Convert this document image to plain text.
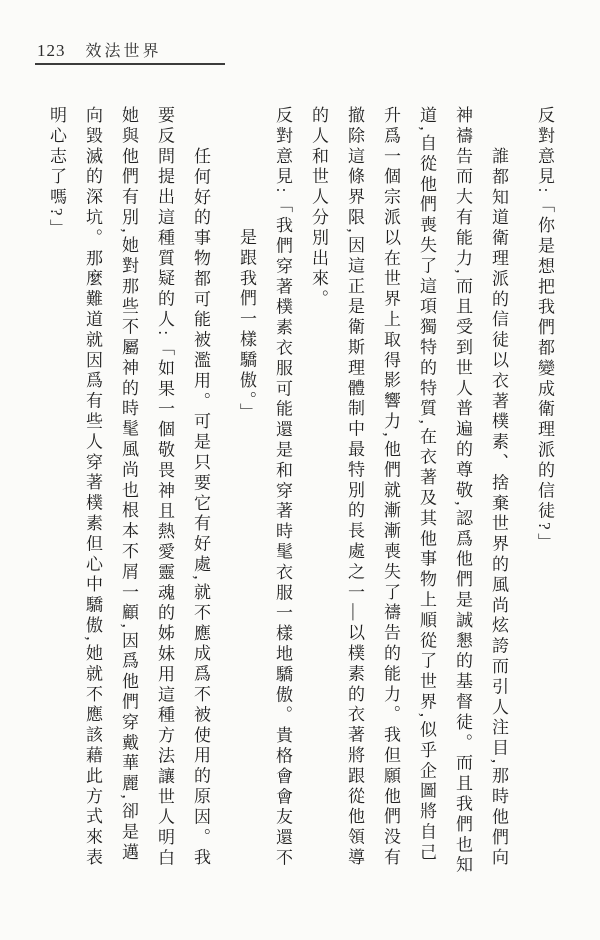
123 效法世界

反對意見:「你是想把我們都變成衛理派的信徒?」

誰都知道衛理派的信徒以衣著樸素、捨棄世界的風尚炫誇而引人注目,那時他們向神禱告而大有能力,而且受到世人普遍的尊敬,認爲他們是誠懇的基督徒。而且我們也知道,自從他們喪失了這項獨特的特質,在衣著及其他事物上順從了世界,似乎企圖將自己升爲一個宗派以在世界上取得影響力,他們就漸漸喪失了禱告的能力。我但願他們没有撤除這條界限,因這正是衛斯理體制中最特別的長處之一—以樸素的衣著將跟從他領導的人和世人分別出來。

反對意見:「我們穿著樸素衣服可能還是和穿著時髦衣服一樣地驕傲。貴格會會友還不是跟我們一樣驕傲。」

任何好的事物都可能被濫用。可是只要它有好處,就不應成爲不被使用的原因。我要反問提出這種質疑的人:「如果一個敬畏神且熱愛靈魂的姊妹用這種方法讓世人明白她與他們有別,她對那些不屬神的時髦風尚也根本不屑一顧,因爲他們穿戴華麗,卻是邁向毀滅的深坑。那麼難道就因爲有些人穿著樸素但心中驕傲,她就不應該藉此方式來表明心志了嗎?」
